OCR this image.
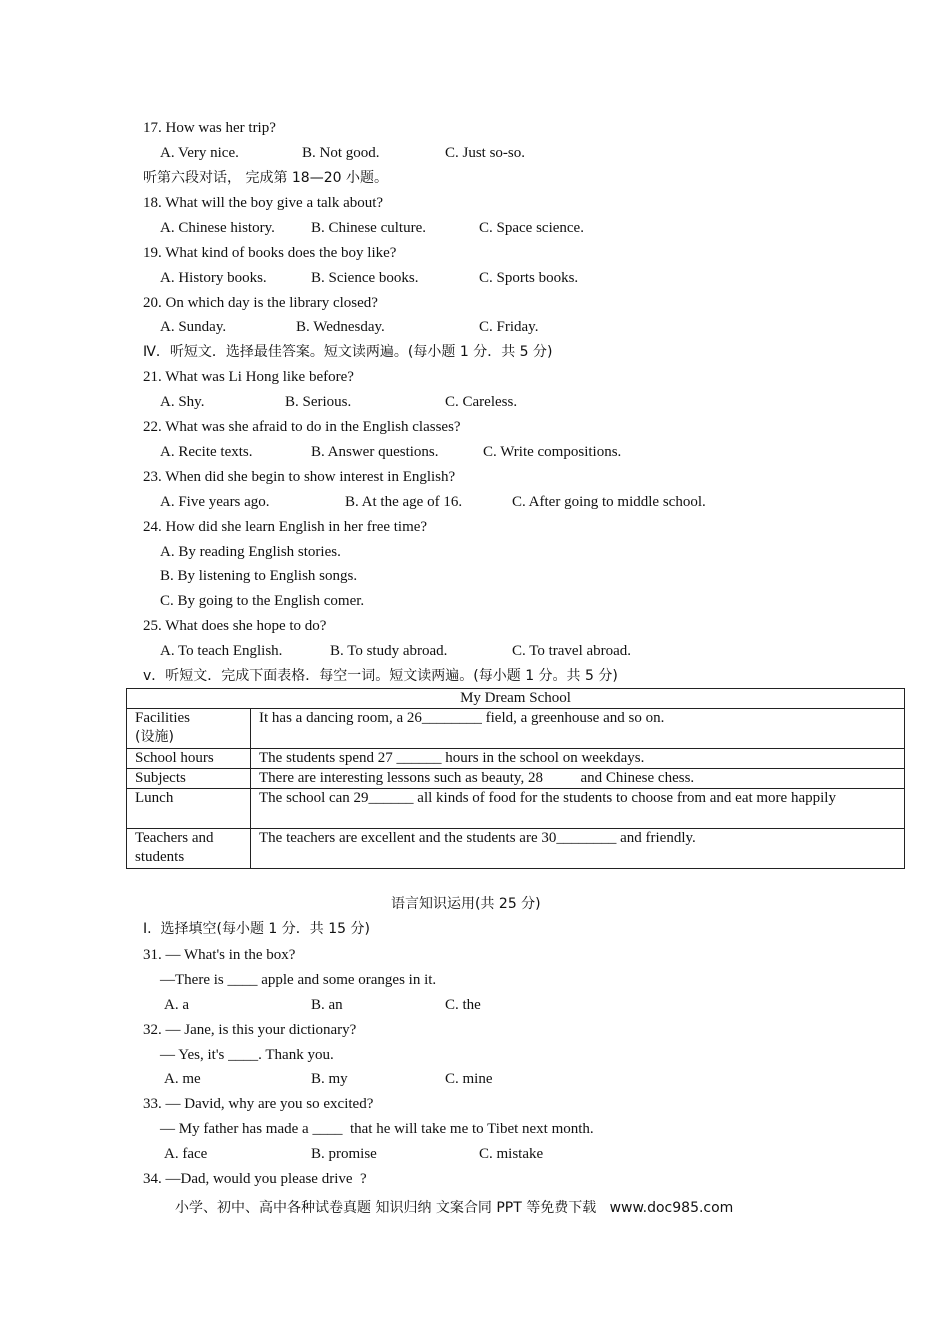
17. How was her trip?
A. Very nice.	B. Not good.	C. Just so-so.
听第六段对话， 完成第 18—20 小题。
18. What will the boy give a talk about?
A. Chinese history. B. Chinese culture.	C. Space science.
19. What kind of books does the boy like?
A. History books.	B. Science books.	C. Sports books.
20. On which day is the library closed?
A. Sunday.	B. Wednesday.	C. Friday.
Ⅳ．听短文．选择最佳答案。短文读两遍。(每小题 1 分．共 5 分)
21. What was Li Hong like before?
A. Shy.	B. Serious.	C. Careless.
22. What was she afraid to do in the English classes?
A. Recite texts.	B. Answer questions.	C. Write compositions.
23. When did she begin to show interest in English?
A. Five years ago.	B. At the age of 16.	C. After going to middle school.
24. How did she learn English in her free time?
A. By reading English stories.
B. By listening to English songs.
C. By going to the English comer.
25. What does she hope to do?
A. To teach English.	B. To study abroad.	C. To travel abroad.
v．听短文．完成下面表格．每空一词。短文读两遍。(每小题 1 分。共 5 分)
My Dream School	
Facilities
(设施)	It has a dancing room, a 26________ field, a greenhouse and so on.
School hours	The students spend 27 ______ hours in the school on weekdays.
Subjects	There are interesting lessons such as beauty, 28          and Chinese chess.
Lunch	The school can 29______ all kinds of food for the students to choose from and eat more happily
Teachers and
students	The teachers are excellent and the students are 30________ and friendly.
语言知识运用(共 25 分)
I.  选择填空(每小题 1 分．共 15 分)
31. — What's in the box?
—There is ____ apple and some oranges in it.
A. a	B. an	C. the
32. — Jane, is this your dictionary?
— Yes, it's ____. Thank you.
A. me	B. my	C. mine
33. — David, why are you so excited?
— My father has made a ____  that he will take me to Tibet next month.
A. face	B. promise	C. mistake
34. —Dad, would you please drive  ?
小学、初中、高中各种试卷真题 知识归纳 文案合同 PPT 等免费下载   www.doc985.com
